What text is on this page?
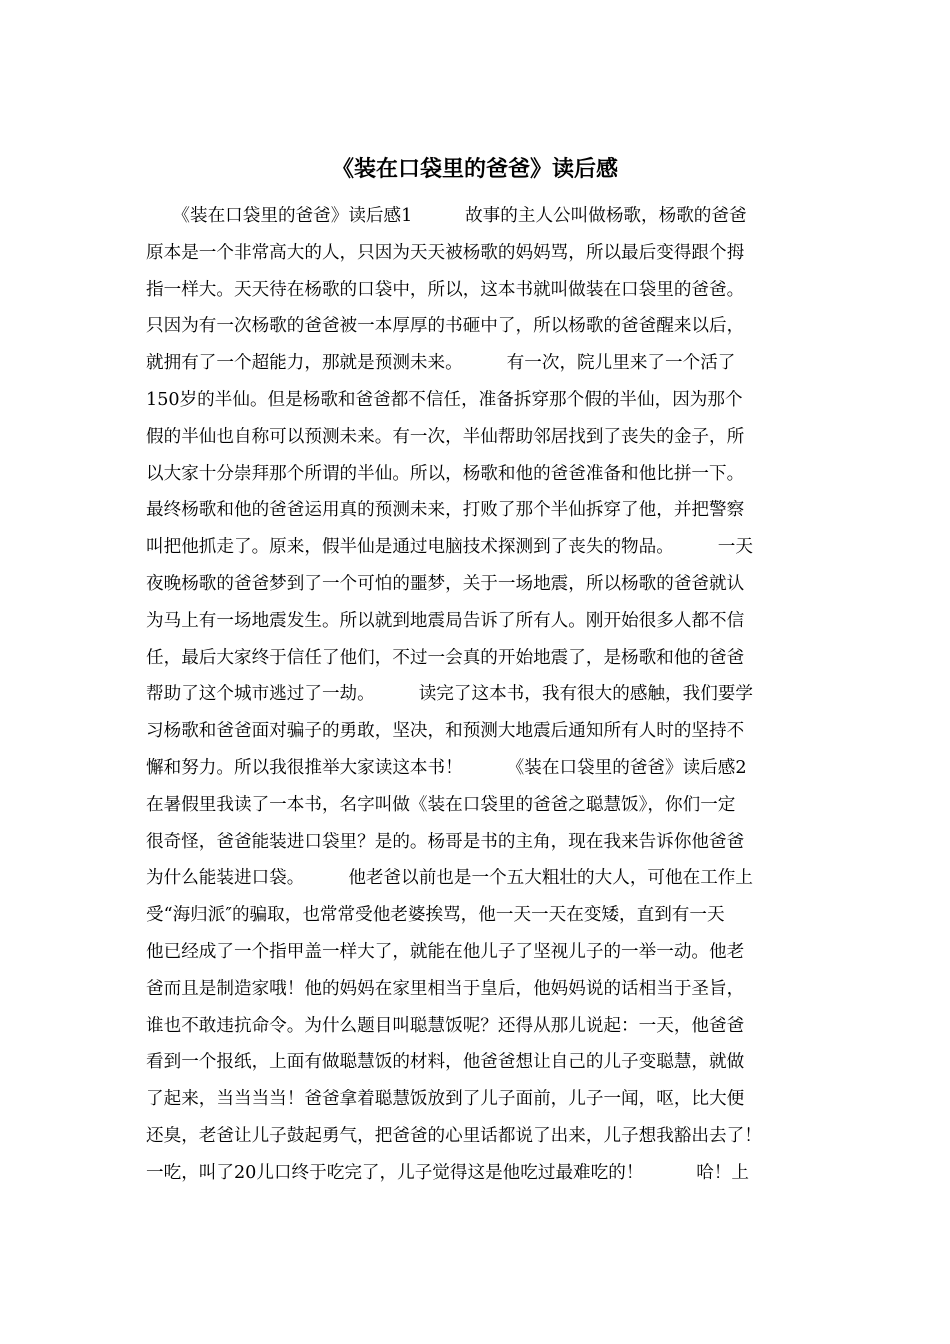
《装在口袋里的爸爸》读后感
　　《装在口袋里的爸爸》读后感1　　　故事的主人公叫做杨歌，杨歌的爸爸
原本是一个非常高大的人，只因为天天被杨歌的妈妈骂，所以最后变得跟个拇
指一样大。天天待在杨歌的口袋中，所以，这本书就叫做装在口袋里的爸爸。
只因为有一次杨歌的爸爸被一本厚厚的书砸中了，所以杨歌的爸爸醒来以后，
就拥有了一个超能力，那就是预测未来。　　　有一次，院儿里来了一个活了
150岁的半仙。但是杨歌和爸爸都不信任，准备拆穿那个假的半仙，因为那个
假的半仙也自称可以预测未来。有一次，半仙帮助邻居找到了丧失的金子，所
以大家十分崇拜那个所谓的半仙。所以，杨歌和他的爸爸准备和他比拼一下。
最终杨歌和他的爸爸运用真的预测未来，打败了那个半仙拆穿了他，并把警察
叫把他抓走了。原来，假半仙是通过电脑技术探测到了丧失的物品。　　　一天
夜晚杨歌的爸爸梦到了一个可怕的噩梦，关于一场地震，所以杨歌的爸爸就认
为马上有一场地震发生。所以就到地震局告诉了所有人。刚开始很多人都不信
任，最后大家终于信任了他们，不过一会真的开始地震了，是杨歌和他的爸爸
帮助了这个城市逃过了一劫。　　　读完了这本书，我有很大的感触，我们要学
习杨歌和爸爸面对骗子的勇敢，坚决，和预测大地震后通知所有人时的坚持不
懈和努力。所以我很推举大家读这本书！　　　《装在口袋里的爸爸》读后感2
在暑假里我读了一本书，名字叫做《装在口袋里的爸爸之聪慧饭》，你们一定
很奇怪，爸爸能装进口袋里？是的。杨哥是书的主角，现在我来告诉你他爸爸
为什么能装进口袋。　　　他老爸以前也是一个五大粗壮的大人，可他在工作上
受“海归派″的骗取，也常常受他老婆挨骂，他一天一天在变矮，直到有一天
他已经成了一个指甲盖一样大了，就能在他儿子了坚视儿子的一举一动。他老
爸而且是制造家哦！他的妈妈在家里相当于皇后，他妈妈说的话相当于圣旨，
谁也不敢违抗命令。为什么题目叫聪慧饭呢？还得从那儿说起：一天，他爸爸
看到一个报纸，上面有做聪慧饭的材料，他爸爸想让自己的儿子变聪慧，就做
了起来，当当当当！爸爸拿着聪慧饭放到了儿子面前，儿子一闻，呕，比大便
还臭，老爸让儿子鼓起勇气，把爸爸的心里话都说了出来，儿子想我豁出去了！
一吃，叫了20儿口终于吃完了，儿子觉得这是他吃过最难吃的！　　　哈！上
